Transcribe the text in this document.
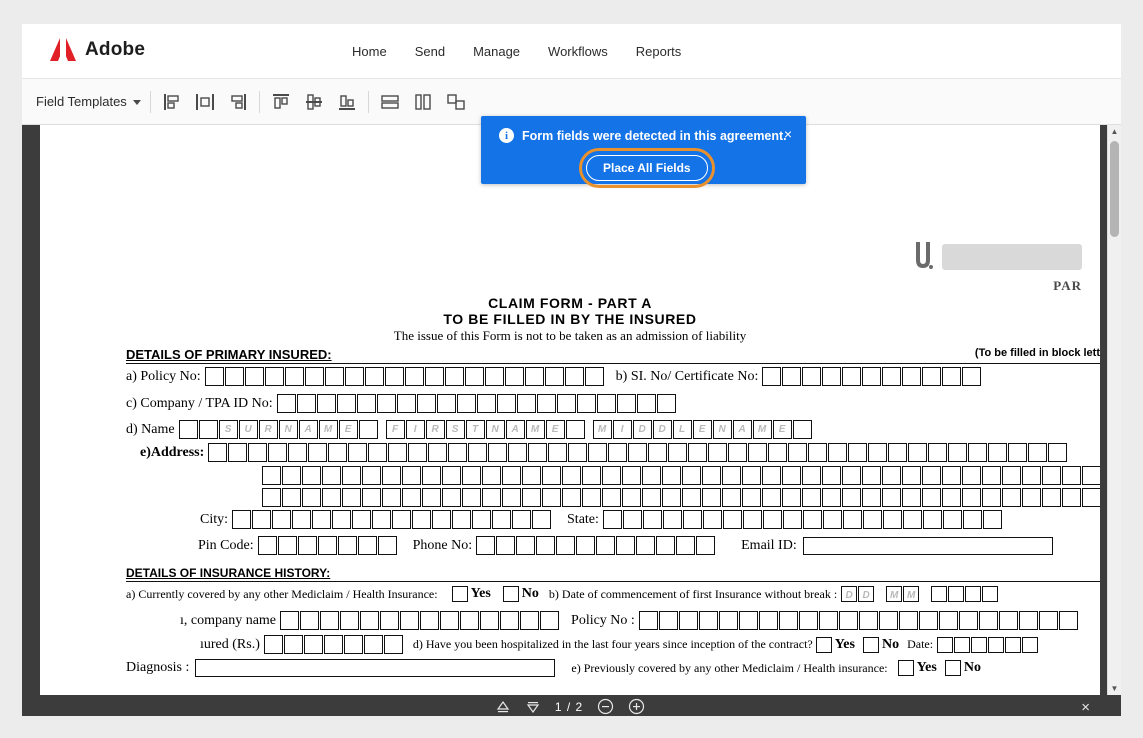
Adobe	Home Send Manage Workflows Reports
Field Templates
PAR
CLAIM FORM - PART A
TO BE FILLED IN BY THE INSURED
The issue of this Form is not to be taken as an admission of liability
DETAILS OF PRIMARY INSURED:	(To be filled in block lett
a) Policy No:	b) SI. No/ Certificate No:
c) Company / TPA ID No:
d) Name	S	U	R	N	A	M	E	F	I	R	S	T	N	A	M	E	M	I	D	D	L	E	N	A	M	E
e)Address:
City:	State:
Pin Code:	Phone No:	Email ID:
DETAILS OF INSURANCE HISTORY:
a) Currently covered by any other Mediclaim / Health Insurance: Yes No b) Date of commencement of first Insurance without break : D D	M M
ı, company name	Policy No :
ıured (Rs.)	d) Have you been hospitalized in the last four years since inception of the contract? Yes No Date:
Diagnosis :	e) Previously covered by any other Mediclaim / Health insurance: Yes No
▲
▼
1 / 2	×
i	Form fields were detected in this agreement.
×
Place All Fields
